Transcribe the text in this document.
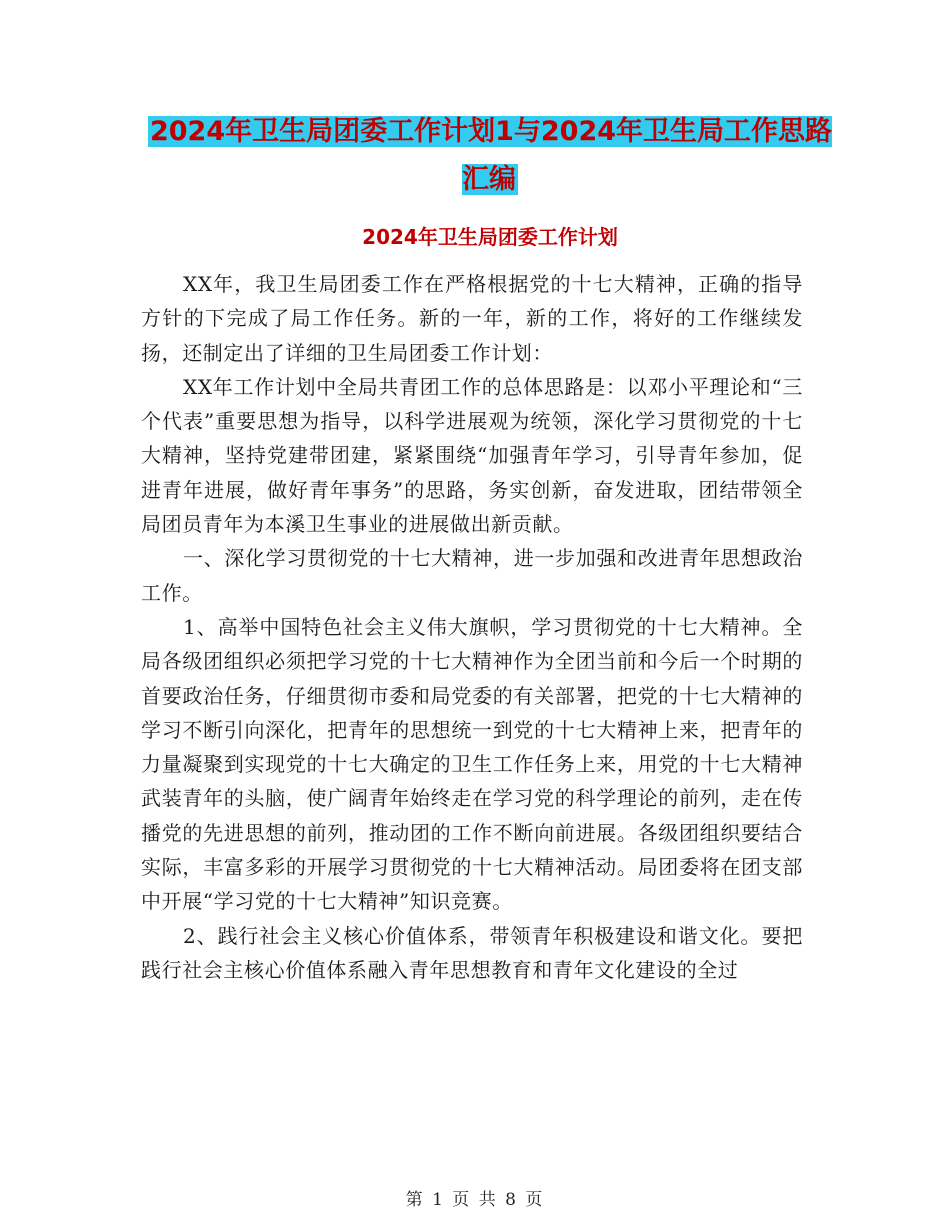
2024年卫生局团委工作计划1与2024年卫生局工作思路汇编
2024年卫生局团委工作计划

XX年，我卫生局团委工作在严格根据党的十七大精神，正确的指导方针的下完成了局工作任务。新的一年，新的工作，将好的工作继续发扬，还制定出了详细的卫生局团委工作计划：

XX年工作计划中全局共青团工作的总体思路是：以邓小平理论和“三个代表”重要思想为指导，以科学进展观为统领，深化学习贯彻党的十七大精神，坚持党建带团建，紧紧围绕“加强青年学习，引导青年参加，促进青年进展，做好青年事务”的思路，务实创新，奋发进取，团结带领全局团员青年为本溪卫生事业的进展做出新贡献。

一、深化学习贯彻党的十七大精神，进一步加强和改进青年思想政治工作。

1、高举中国特色社会主义伟大旗帜，学习贯彻党的十七大精神。全局各级团组织必须把学习党的十七大精神作为全团当前和今后一个时期的首要政治任务，仔细贯彻市委和局党委的有关部署，把党的十七大精神的学习不断引向深化，把青年的思想统一到党的十七大精神上来，把青年的力量凝聚到实现党的十七大确定的卫生工作任务上来，用党的十七大精神武装青年的头脑，使广阔青年始终走在学习党的科学理论的前列，走在传播党的先进思想的前列，推动团的工作不断向前进展。各级团组织要结合实际，丰富多彩的开展学习贯彻党的十七大精神活动。局团委将在团支部中开展“学习党的十七大精神”知识竞赛。

2、践行社会主义核心价值体系，带领青年积极建设和谐文化。要把践行社会主核心价值体系融入青年思想教育和青年文化建设的全过

第 1 页 共 8 页
